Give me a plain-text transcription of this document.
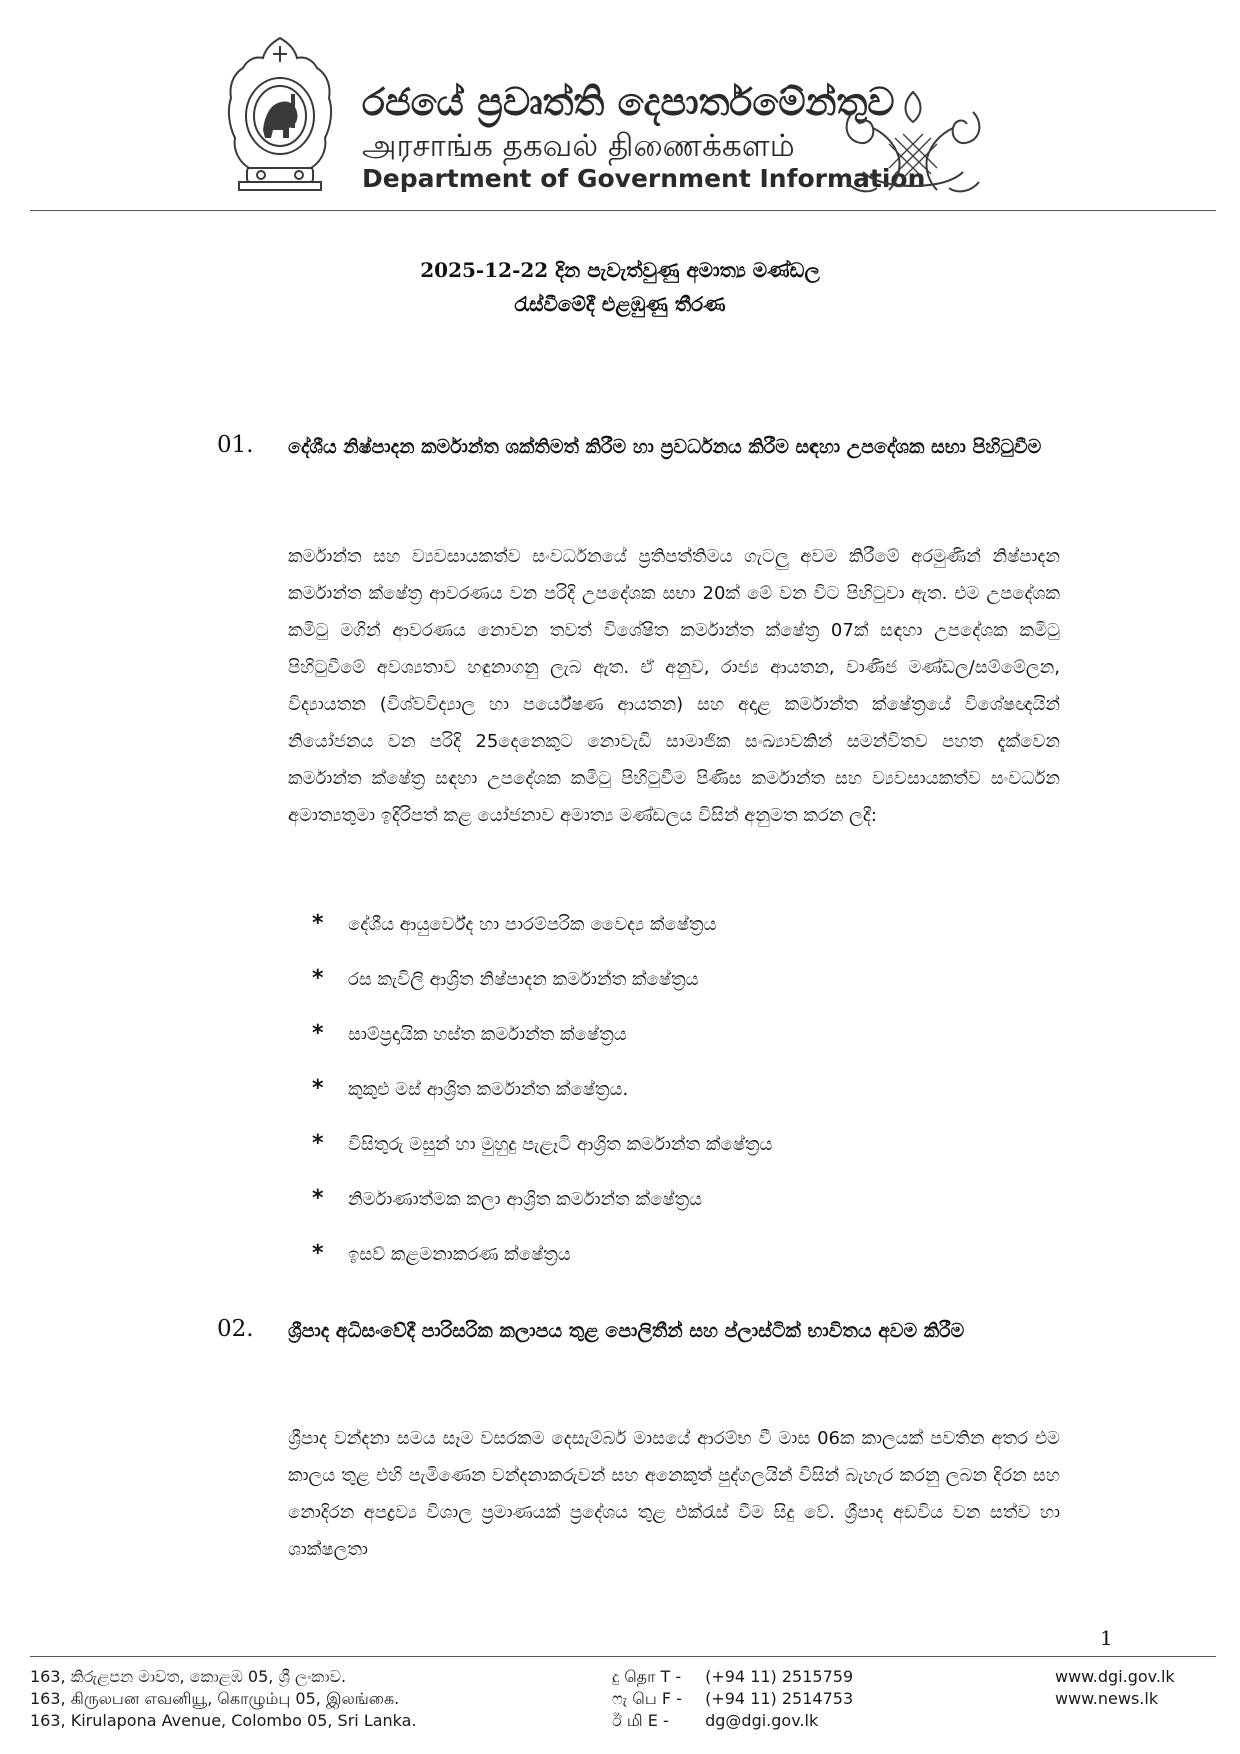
රජයේ ප්‍රවෘත්ති දෙපාර්තමේන්තුව
அரசாங்க தகவல் திணைக்களம்
Department of Government Information
2025-12-22 දින පැවැත්වුණු අමාත්‍ය මණ්ඩල
රැස්වීමේදී එළඹුණු තීරණ
01. දේශීය නිෂ්පාදන කර්මාන්ත ශක්තිමත් කිරීම හා ප්‍රවර්ධනය කිරීම සඳහා උපදේශක සභා පිහිටුවීම
කර්මාන්ත සහ ව්‍යවසායකත්ව සංවර්ධනයේ ප්‍රතිපත්තිමය ගැටලු අවම කිරීමේ අරමුණින් නිෂ්පාදන කර්මාන්ත ක්ෂේත්‍ර ආවරණය වන පරිදි උපදේශක සභා 20ක් මේ වන විට පිහිටුවා ඇත. එම උපදේශක කමිටු මගින් ආවරණය නොවන තවත් විශේෂිත කර්මාන්ත ක්ෂේත්‍ර 07ක් සඳහා උපදේශක කමිටු පිහිටුවීමේ අවශ්‍යතාව හඳුනාගනු ලැබ ඇත. ඒ අනුව, රාජ්‍ය ආයතන, වාණිජ මණ්ඩල/සම්මේලන, විද්‍යායතන (විශ්වවිද්‍යාල හා පර්යේෂණ ආයතන) සහ අදාළ කර්මාන්ත ක්ෂේත්‍රයේ විශේෂඥයින් නියෝජනය වන පරිදි 25දෙනෙකුට නොවැඩි සාමාජික සංඛ්‍යාවකින් සමන්විතව පහත දැක්වෙන කර්මාන්ත ක්ෂේත්‍ර සඳහා උපදේශක කමිටු පිහිටුවීම පිණිස කර්මාන්ත සහ ව්‍යවසායකත්ව සංවර්ධන අමාත්‍යතුමා ඉදිරිපත් කළ යෝජනාව අමාත්‍ය මණ්ඩලය විසින් අනුමත කරන ලදී:
* දේශීය ආයුර්වේද හා පාරම්පරික වෛද්‍ය ක්ෂේත්‍රය
* රස කැවිලි ආශ්‍රිත නිෂ්පාදන කර්මාන්ත ක්ෂේත්‍රය
* සාම්ප්‍රදායික හස්ත කර්මාන්ත ක්ෂේත්‍රය
* කුකුළු මස් ආශ්‍රිත කර්මාන්ත ක්ෂේත්‍රය.
* විසිතුරු මසුන් හා මුහුදු පැළෑටි ආශ්‍රිත කර්මාන්ත ක්ෂේත්‍රය
* නිර්මාණාත්මක කලා ආශ්‍රිත කර්මාන්ත ක්ෂේත්‍රය
* ඉසව් කළමනාකරණ ක්ෂේත්‍රය
02. ශ්‍රීපාද අධිසංවේදී පාරිසරික කලාපය තුළ පොලිතීන් සහ ප්ලාස්ටික් භාවිතය අවම කිරීම
ශ්‍රීපාද වන්දනා සමය සෑම වසරකම දෙසැම්බර් මාසයේ ආරම්භ වී මාස 06ක කාලයක් පවතින අතර එම කාලය තුළ එහි පැමිණෙන වන්දනාකරුවන් සහ අනෙකුත් පුද්ගලයින් විසින් බැහැර කරනු ලබන දිරන සහ නොදිරන අපද්‍රව්‍ය විශාල ප්‍රමාණයක් ප්‍රදේශය තුළ එක්රැස් වීම සිදු වේ. ශ්‍රීපාද අඩවිය වන සත්ව හා ශාක්ෂලතා
1
163, කිරුළපන මාවත, කොළඹ 05, ශ්‍රී ලංකාව.
163, கிருலபன எவனியூ, கொழும்பு 05, இலங்கை.
163, Kirulapona Avenue, Colombo 05, Sri Lanka.
දු தொ T - (+94 11) 2515759
ෆැ பெ F - (+94 11) 2514753
ඊ மி E - dg@dgi.gov.lk
www.dgi.gov.lk
www.news.lk
